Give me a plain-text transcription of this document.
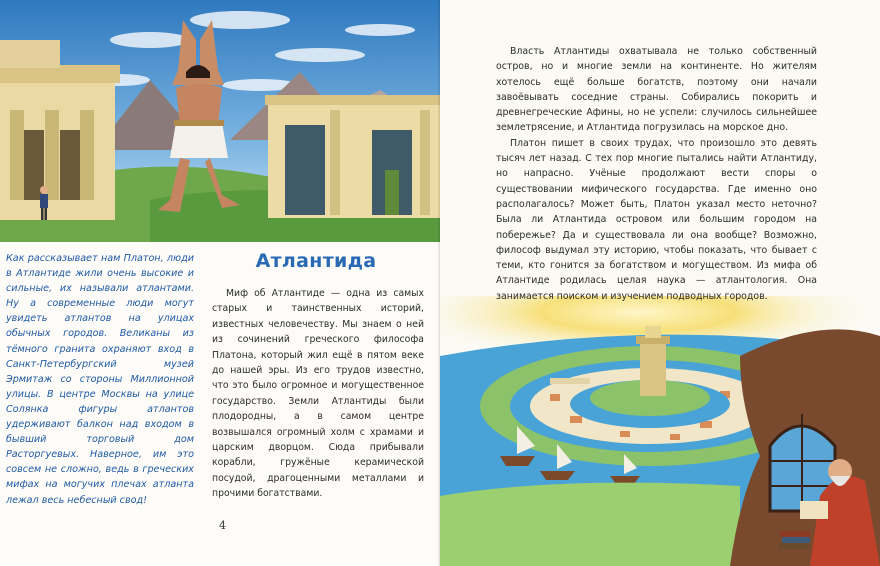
Как рассказывает нам Платон, люди в Атлантиде жили очень высокие и сильные, их называли атлантами. Ну а современные люди могут увидеть атлантов на улицах обычных городов. Великаны из тёмного гранита охраняют вход в Санкт-Петербургский музей Эрмитаж со стороны Миллионной улицы. В центре Москвы на улице Солянка фигуры атлантов удерживают балкон над входом в бывший торговый дом Расторгуевых. Наверное, им это совсем не сложно, ведь в греческих мифах на могучих плечах атланта лежал весь небесный свод!
Атлантида
Миф об Атлантиде — одна из самых старых и таинственных историй, известных человечеству. Мы знаем о ней из сочинений греческого философа Платона, который жил ещё в пятом веке до нашей эры. Из его трудов известно, что это было огромное и могущественное государство. Земли Атлантиды были плодородны, а в самом центре возвышался огромный холм с храмами и царским дворцом. Сюда прибывали корабли, гружёные керамической посудой, драгоценными металлами и прочими богатствами.
4

Власть Атлантиды охватывала не только собственный остров, но и многие земли на континенте. Но жителям хотелось ещё больше богатств, поэтому они начали завоёвывать соседние страны. Собирались покорить и древнегреческие Афины, но не успели: случилось сильнейшее землетрясение, и Атлантида погрузилась на морское дно.

Платон пишет в своих трудах, что произошло это девять тысяч лет назад. С тех пор многие пытались найти Атлантиду, но напрасно. Учёные продолжают вести споры о существовании мифического государства. Где именно оно располагалось? Может быть, Платон указал место неточно? Была ли Атлантида островом или большим городом на побережье? Да и существовала ли она вообще? Возможно, философ выдумал эту историю, чтобы показать, что бывает с теми, кто гонится за богатством и могуществом. Из мифа об Атлантиде родилась целая наука — атлантология. Она занимается поиском и изучением подводных городов.
